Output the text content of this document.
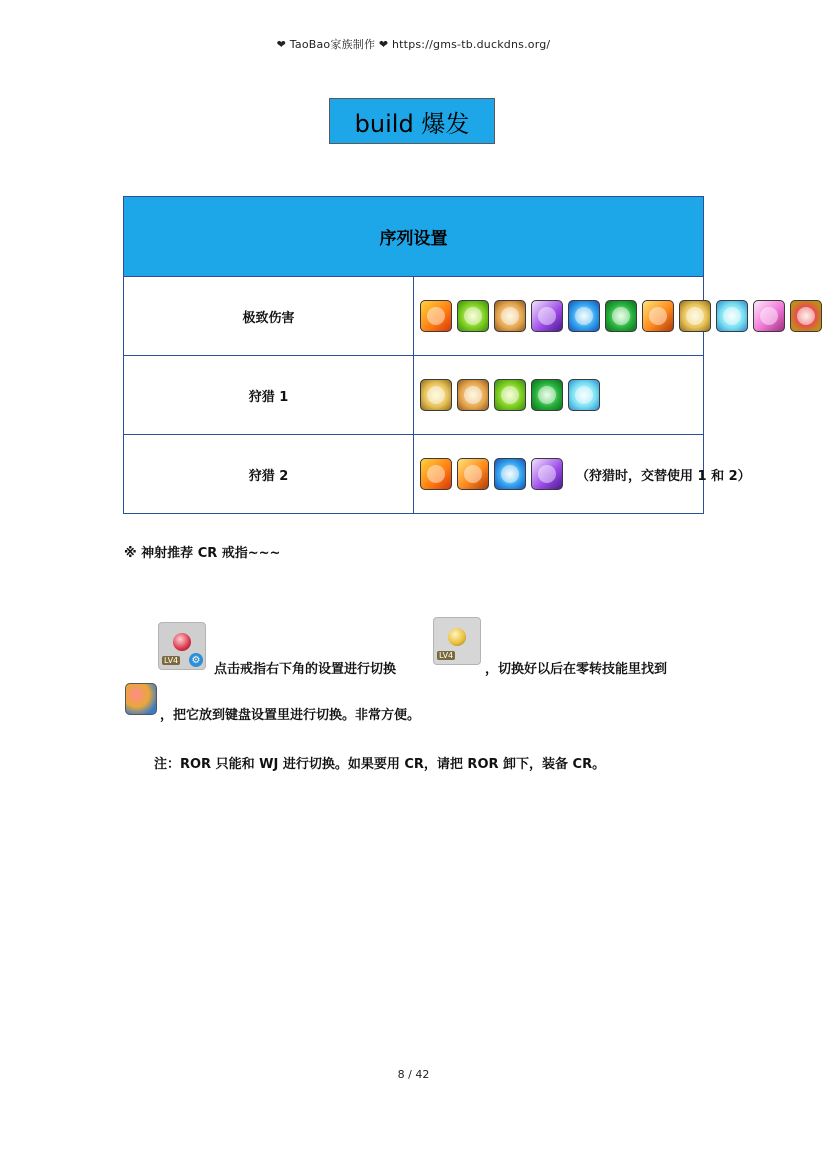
❤ TaoBao家族制作 ❤ https://gms-tb.duckdns.org/
build 爆发
序列设置	
极致伤害	

狩猎 1	

狩猎 2	（狩猎时，交替使用 1 和 2）
※ 神射推荐 CR 戒指~~~
LV4 ⚙
点击戒指右下角的设置进行切换
LV4
，切换好以后在零转技能里找到
，把它放到键盘设置里进行切换。非常方便。
注：ROR 只能和 WJ 进行切换。如果要用 CR，请把 ROR 卸下，装备 CR。
8 / 42
